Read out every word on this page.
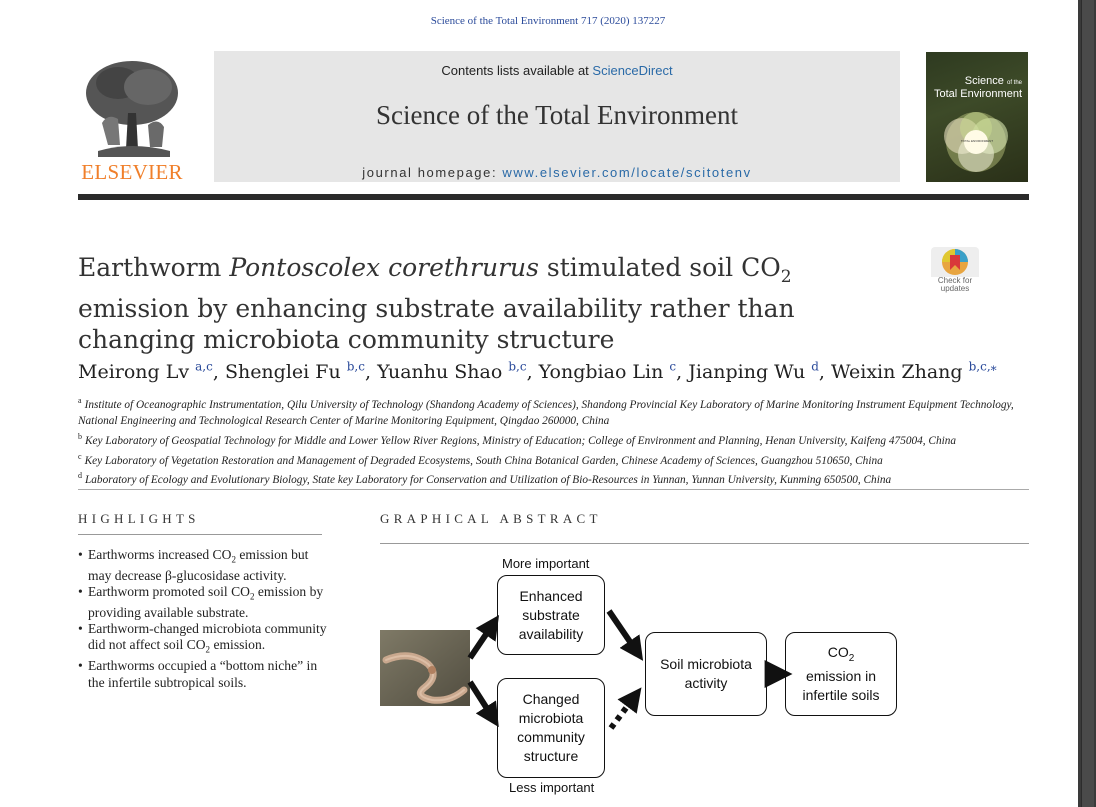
Science of the Total Environment 717 (2020) 137227
ELSEVIER
Contents lists available at ScienceDirect
Science of the Total Environment
journal homepage: www.elsevier.com/locate/scitotenv
Science of the
Total Environment
TOTAL ENVIRONMENT
Earthworm Pontoscolex corethrurus stimulated soil $CO_2$ emission by enhancing substrate availability rather than changing microbiota community structure
Check for
updates
Meirong Lv $^{a,c}$, Shenglei Fu $^{b,c}$, Yuanhu Shao $^{b,c}$, Yongbiao Lin $^c$, Jianping Wu $^d$, Weixin Zhang $^{b,c,⁎}$
$^a$ Institute of Oceanographic Instrumentation, Qilu University of Technology (Shandong Academy of Sciences), Shandong Provincial Key Laboratory of Marine Monitoring Instrument Equipment Technology, National Engineering and Technological Research Center of Marine Monitoring Equipment, Qingdao 260000, China
$^b$ Key Laboratory of Geospatial Technology for Middle and Lower Yellow River Regions, Ministry of Education; College of Environment and Planning, Henan University, Kaifeng 475004, China
$^c$ Key Laboratory of Vegetation Restoration and Management of Degraded Ecosystems, South China Botanical Garden, Chinese Academy of Sciences, Guangzhou 510650, China
$^d$ Laboratory of Ecology and Evolutionary Biology, State key Laboratory for Conservation and Utilization of Bio-Resources in Yunnan, Yunnan University, Kunming 650500, China
HIGHLIGHTS	GRAPHICAL ABSTRACT
• Earthworms increased $CO_2$ emission but may decrease β-glucosidase activity.
• Earthworm promoted soil $CO_2$ emission by providing available substrate.
• Earthworm-changed microbiota community did not affect soil $CO_2$ emission.
• Earthworms occupied a “bottom niche” in the infertile subtropical soils.
More important
Less important
Enhanced substrate availability
Changed microbiota community structure
Soil microbiota activity
$CO_2$
emission in infertile soils
